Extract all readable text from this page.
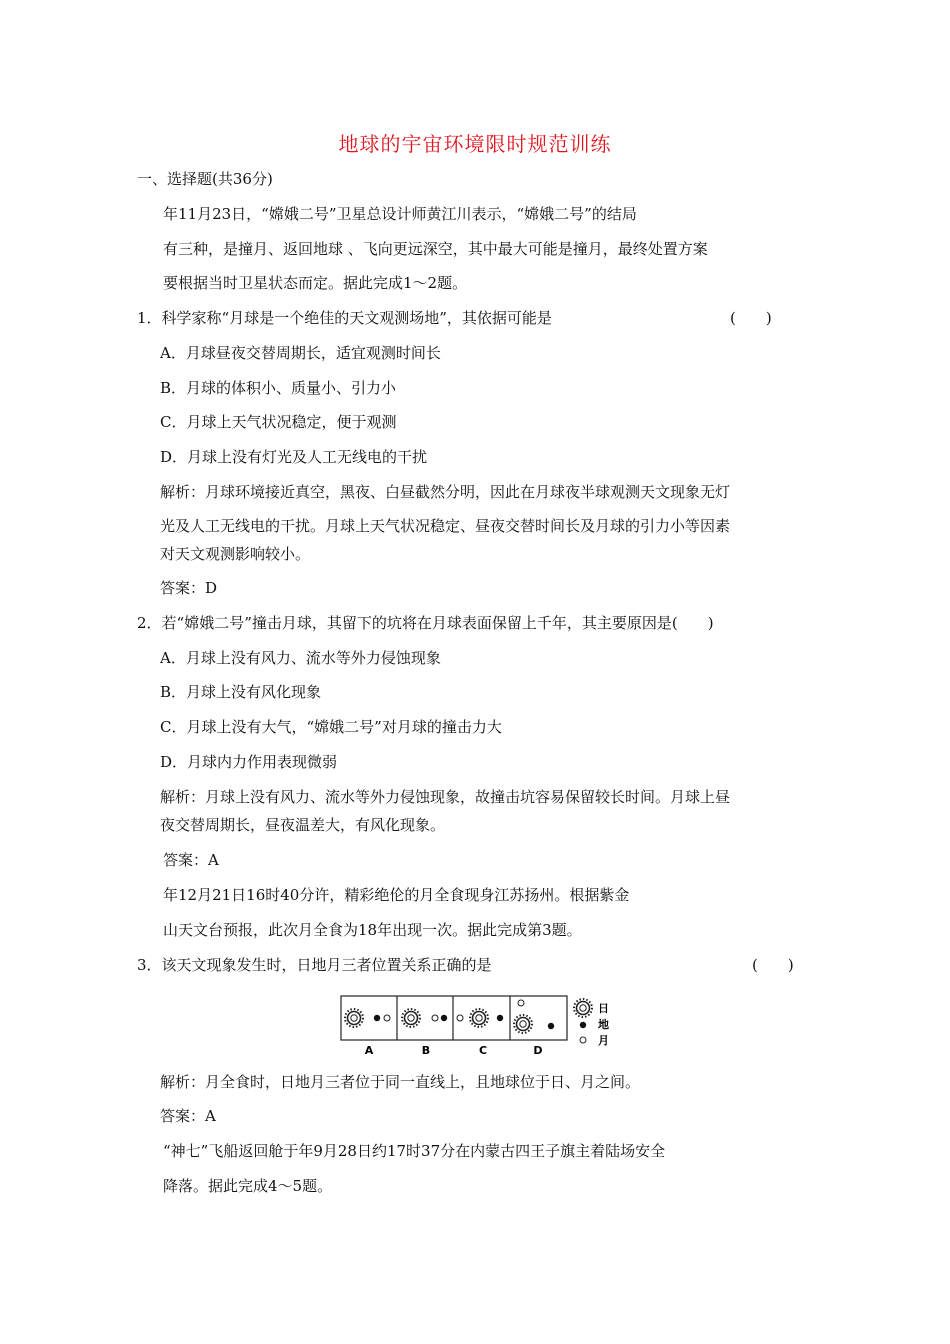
地球的宇宙环境限时规范训练
一、选择题(共36分)
年11月23日，“嫦娥二号”卫星总设计师黄江川表示，“嫦娥二号”的结局
有三种，是撞月、返回地球 、飞向更远深空，其中最大可能是撞月，最终处置方案
要根据当时卫星状态而定。据此完成1～2题。
1．科学家称“月球是一个绝佳的天文观测场地”，其依据可能是	(　　)
A．月球昼夜交替周期长，适宜观测时间长
B．月球的体积小、质量小、引力小
C．月球上天气状况稳定，便于观测
D．月球上没有灯光及人工无线电的干扰
解析：月球环境接近真空，黑夜、白昼截然分明，因此在月球夜半球观测天文现象无灯
光及人工无线电的干扰。月球上天气状况稳定、昼夜交替时间长及月球的引力小等因素
对天文观测影响较小。
答案：D
2．若“嫦娥二号”撞击月球，其留下的坑将在月球表面保留上千年，其主要原因是(　　)
A．月球上没有风力、流水等外力侵蚀现象
B．月球上没有风化现象
C．月球上没有大气，“嫦娥二号”对月球的撞击力大
D．月球内力作用表现微弱
解析：月球上没有风力、流水等外力侵蚀现象，故撞击坑容易保留较长时间。月球上昼
夜交替周期长，昼夜温差大，有风化现象。
答案：A
年12月21日16时40分许，精彩绝伦的月全食现身江苏扬州。根据紫金
山天文台预报，此次月全食为18年出现一次。据此完成第3题。
3．该天文现象发生时，日地月三者位置关系正确的是	(　　)
A	B	C	D
日
地
月
解析：月全食时，日地月三者位于同一直线上，且地球位于日、月之间。
答案：A
“神七”飞船返回舱于年9月28日约17时37分在内蒙古四王子旗主着陆场安全
降落。据此完成4～5题。
